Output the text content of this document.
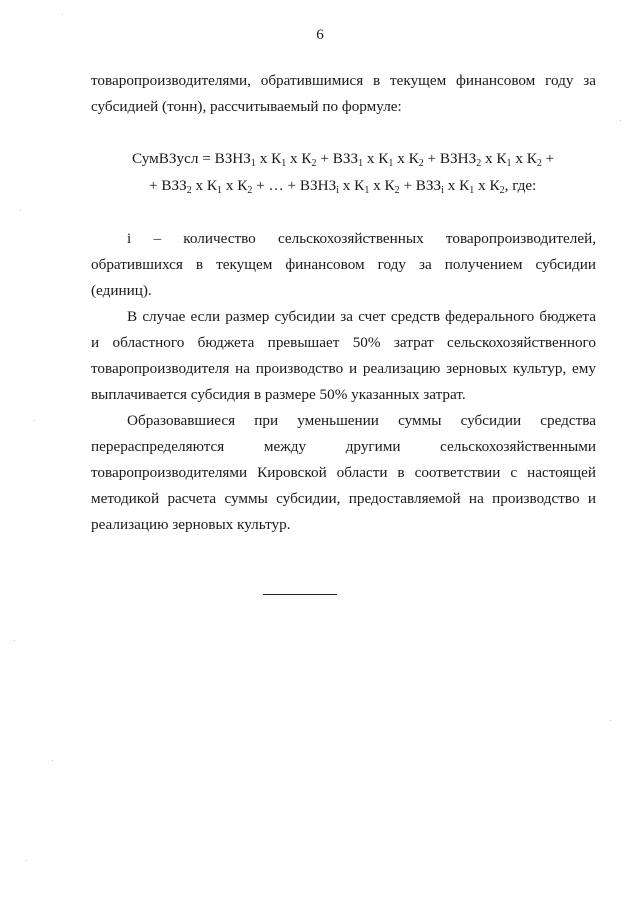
6
товаропроизводителями, обратившимися в текущем финансовом году за
субсидией (тонн), рассчитываемый по формуле:
СумВЗусл = $ВЗНЗ_1$ х $К_1$ х $К_2 + ВЗЗ_1$ х $К_1$ х $К_2$ + $ВЗНЗ_2$ х $К_1$ х $К_2$ +
+ $ВЗЗ_2$ х $К_1$ х $К_2$ + … + $ВЗНЗ_i$ х $К_1$ х $К_2 + ВЗЗ_i$ х $К_1$ х $К_2$, где:
i  –  количество  сельскохозяйственных  товаропроизводителей,
обратившихся в текущем финансовом году за получением субсидии
(единиц).
В случае если размер субсидии за счет средств федерального бюджета
и областного бюджета превышает 50% затрат сельскохозяйственного
товаропроизводителя на производство и реализацию зерновых культур, ему
выплачивается субсидия в размере 50% указанных затрат.
Образовавшиеся при уменьшении суммы субсидии средства
перераспределяются между другими сельскохозяйственными
товаропроизводителями Кировской области в соответствии с настоящей
методикой расчета суммы субсидии, предоставляемой на производство и
реализацию зерновых культур.
